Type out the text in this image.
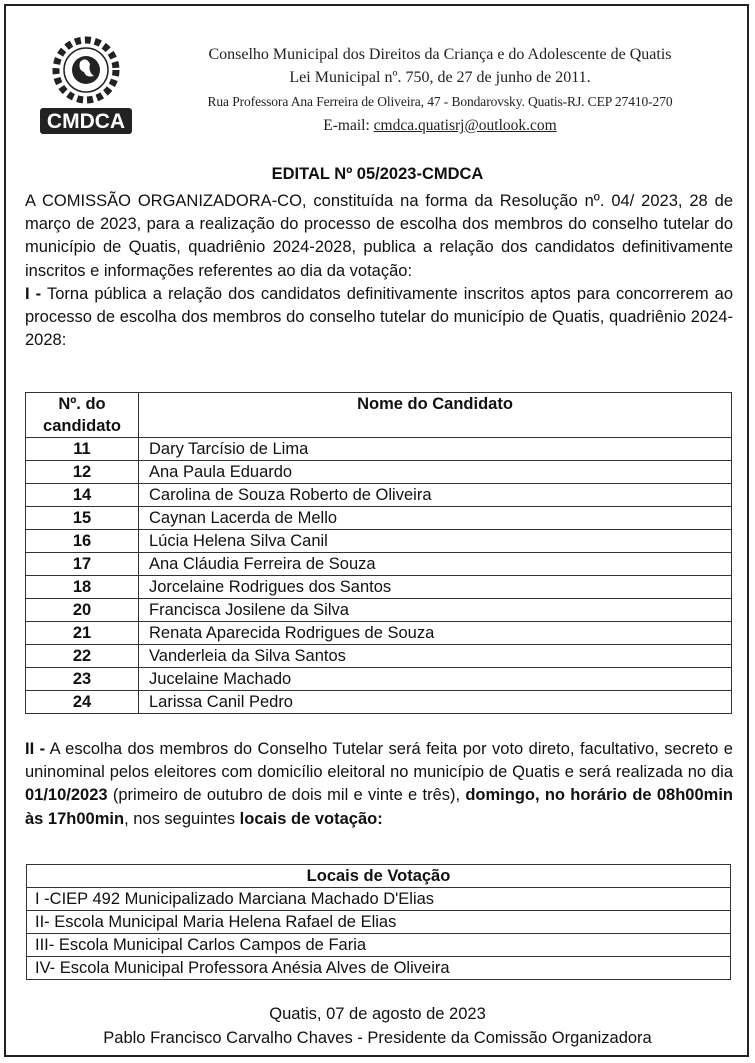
CMDCA
Conselho Municipal dos Direitos da Criança e do Adolescente de Quatis
Lei Municipal nº. 750, de 27 de junho de 2011.
Rua Professora Ana Ferreira de Oliveira, 47 - Bondarovsky. Quatis-RJ. CEP 27410-270
E-mail: cmdca.quatisrj@outlook.com
EDITAL Nº 05/2023-CMDCA
A COMISSÃO ORGANIZADORA-CO, constituída na forma da Resolução nº. 04/ 2023, 28 de março de 2023, para a realização do processo de escolha dos membros do conselho tutelar do município de Quatis, quadriênio 2024-2028, publica a relação dos candidatos definitivamente inscritos e informações referentes ao dia da votação:
I - Torna pública a relação dos candidatos definitivamente inscritos aptos para concorrerem ao processo de escolha dos membros do conselho tutelar do município de Quatis, quadriênio 2024-2028:
Nº. do candidato	Nome do Candidato
11	Dary Tarcísio de Lima
12	Ana Paula Eduardo
14	Carolina de Souza Roberto de Oliveira
15	Caynan Lacerda de Mello
16	Lúcia Helena Silva Canil
17	Ana Cláudia Ferreira de Souza
18	Jorcelaine Rodrigues dos Santos
20	Francisca Josilene da Silva
21	Renata Aparecida Rodrigues de Souza
22	Vanderleia da Silva Santos
23	Jucelaine Machado
24	Larissa Canil Pedro
II - A escolha dos membros do Conselho Tutelar será feita por voto direto, facultativo, secreto e uninominal pelos eleitores com domicílio eleitoral no município de Quatis e será realizada no dia 01/10/2023 (primeiro de outubro de dois mil e vinte e três), domingo, no horário de 08h00min às 17h00min, nos seguintes locais de votação:
Locais de Votação
I -CIEP 492 Municipalizado Marciana Machado D'Elias
II- Escola Municipal Maria Helena Rafael de Elias
III- Escola Municipal Carlos Campos de Faria
IV- Escola Municipal Professora Anésia Alves de Oliveira
Quatis, 07 de agosto de 2023
Pablo Francisco Carvalho Chaves - Presidente da Comissão Organizadora
